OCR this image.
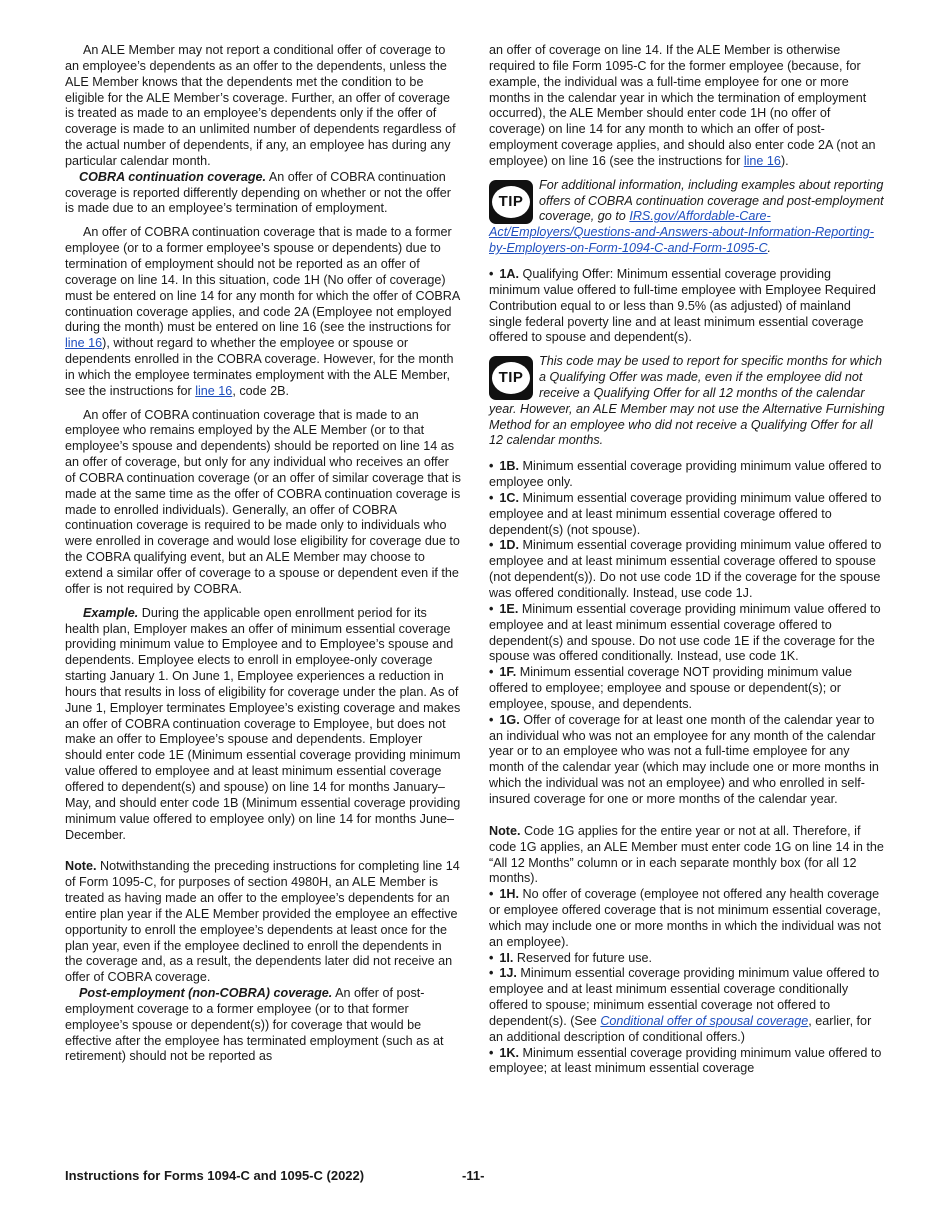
An ALE Member may not report a conditional offer of coverage to an employee’s dependents as an offer to the dependents, unless the ALE Member knows that the dependents met the condition to be eligible for the ALE Member’s coverage. Further, an offer of coverage is treated as made to an employee’s dependents only if the offer of coverage is made to an unlimited number of dependents regardless of the actual number of dependents, if any, an employee has during any particular calendar month.

COBRA continuation coverage. An offer of COBRA continuation coverage is reported differently depending on whether or not the offer is made due to an employee’s termination of employment.

An offer of COBRA continuation coverage that is made to a former employee (or to a former employee’s spouse or dependents) due to termination of employment should not be reported as an offer of coverage on line 14. In this situation, code 1H (No offer of coverage) must be entered on line 14 for any month for which the offer of COBRA continuation coverage applies, and code 2A (Employee not employed during the month) must be entered on line 16 (see the instructions for line 16), without regard to whether the employee or spouse or dependents enrolled in the COBRA coverage. However, for the month in which the employee terminates employment with the ALE Member, see the instructions for line 16, code 2B.

An offer of COBRA continuation coverage that is made to an employee who remains employed by the ALE Member (or to that employee’s spouse and dependents) should be reported on line 14 as an offer of coverage, but only for any individual who receives an offer of COBRA continuation coverage (or an offer of similar coverage that is made at the same time as the offer of COBRA continuation coverage is made to enrolled individuals). Generally, an offer of COBRA continuation coverage is required to be made only to individuals who were enrolled in coverage and would lose eligibility for coverage due to the COBRA qualifying event, but an ALE Member may choose to extend a similar offer of coverage to a spouse or dependent even if the offer is not required by COBRA.

Example. During the applicable open enrollment period for its health plan, Employer makes an offer of minimum essential coverage providing minimum value to Employee and to Employee’s spouse and dependents. Employee elects to enroll in employee-only coverage starting January 1. On June 1, Employee experiences a reduction in hours that results in loss of eligibility for coverage under the plan. As of June 1, Employer terminates Employee’s existing coverage and makes an offer of COBRA continuation coverage to Employee, but does not make an offer to Employee’s spouse and dependents. Employer should enter code 1E (Minimum essential coverage providing minimum value offered to employee and at least minimum essential coverage offered to dependent(s) and spouse) on line 14 for months January–May, and should enter code 1B (Minimum essential coverage providing minimum value offered to employee only) on line 14 for months June–December.

Note. Notwithstanding the preceding instructions for completing line 14 of Form 1095-C, for purposes of section 4980H, an ALE Member is treated as having made an offer to the employee’s dependents for an entire plan year if the ALE Member provided the employee an effective opportunity to enroll the employee’s dependents at least once for the plan year, even if the employee declined to enroll the dependents in the coverage and, as a result, the dependents later did not receive an offer of COBRA coverage.

Post-employment (non-COBRA) coverage. An offer of post-employment coverage to a former employee (or to that former employee’s spouse or dependent(s)) for coverage that would be effective after the employee has terminated employment (such as at retirement) should not be reported as

an offer of coverage on line 14. If the ALE Member is otherwise required to file Form 1095-C for the former employee (because, for example, the individual was a full-time employee for one or more months in the calendar year in which the termination of employment occurred), the ALE Member should enter code 1H (no offer of coverage) on line 14 for any month to which an offer of post-employment coverage applies, and should also enter code 2A (not an employee) on line 16 (see the instructions for line 16).

TIP
For additional information, including examples about reporting offers of COBRA continuation coverage and post-employment coverage, go to IRS.gov/Affordable-Care-Act/Employers/Questions-and-Answers-about-Information-Reporting-by-Employers-on-Form-1094-C-and-Form-1095-C.

• 1A. Qualifying Offer: Minimum essential coverage providing minimum value offered to full-time employee with Employee Required Contribution equal to or less than 9.5% (as adjusted) of mainland single federal poverty line and at least minimum essential coverage offered to spouse and dependent(s).

TIP
This code may be used to report for specific months for which a Qualifying Offer was made, even if the employee did not receive a Qualifying Offer for all 12 months of the calendar year. However, an ALE Member may not use the Alternative Furnishing Method for an employee who did not receive a Qualifying Offer for all 12 calendar months.

• 1B. Minimum essential coverage providing minimum value offered to employee only.

• 1C. Minimum essential coverage providing minimum value offered to employee and at least minimum essential coverage offered to dependent(s) (not spouse).

• 1D. Minimum essential coverage providing minimum value offered to employee and at least minimum essential coverage offered to spouse (not dependent(s)). Do not use code 1D if the coverage for the spouse was offered conditionally. Instead, use code 1J.

• 1E. Minimum essential coverage providing minimum value offered to employee and at least minimum essential coverage offered to dependent(s) and spouse. Do not use code 1E if the coverage for the spouse was offered conditionally. Instead, use code 1K.

• 1F. Minimum essential coverage NOT providing minimum value offered to employee; employee and spouse or dependent(s); or employee, spouse, and dependents.

• 1G. Offer of coverage for at least one month of the calendar year to an individual who was not an employee for any month of the calendar year or to an employee who was not a full-time employee for any month of the calendar year (which may include one or more months in which the individual was not an employee) and who enrolled in self-insured coverage for one or more months of the calendar year.

Note. Code 1G applies for the entire year or not at all. Therefore, if code 1G applies, an ALE Member must enter code 1G on line 14 in the “All 12 Months” column or in each separate monthly box (for all 12 months).

• 1H. No offer of coverage (employee not offered any health coverage or employee offered coverage that is not minimum essential coverage, which may include one or more months in which the individual was not an employee).

• 1I. Reserved for future use.

• 1J. Minimum essential coverage providing minimum value offered to employee and at least minimum essential coverage conditionally offered to spouse; minimum essential coverage not offered to dependent(s). (See Conditional offer of spousal coverage, earlier, for an additional description of conditional offers.)

• 1K. Minimum essential coverage providing minimum value offered to employee; at least minimum essential coverage

Instructions for Forms 1094-C and 1095-C (2022)	-11-
